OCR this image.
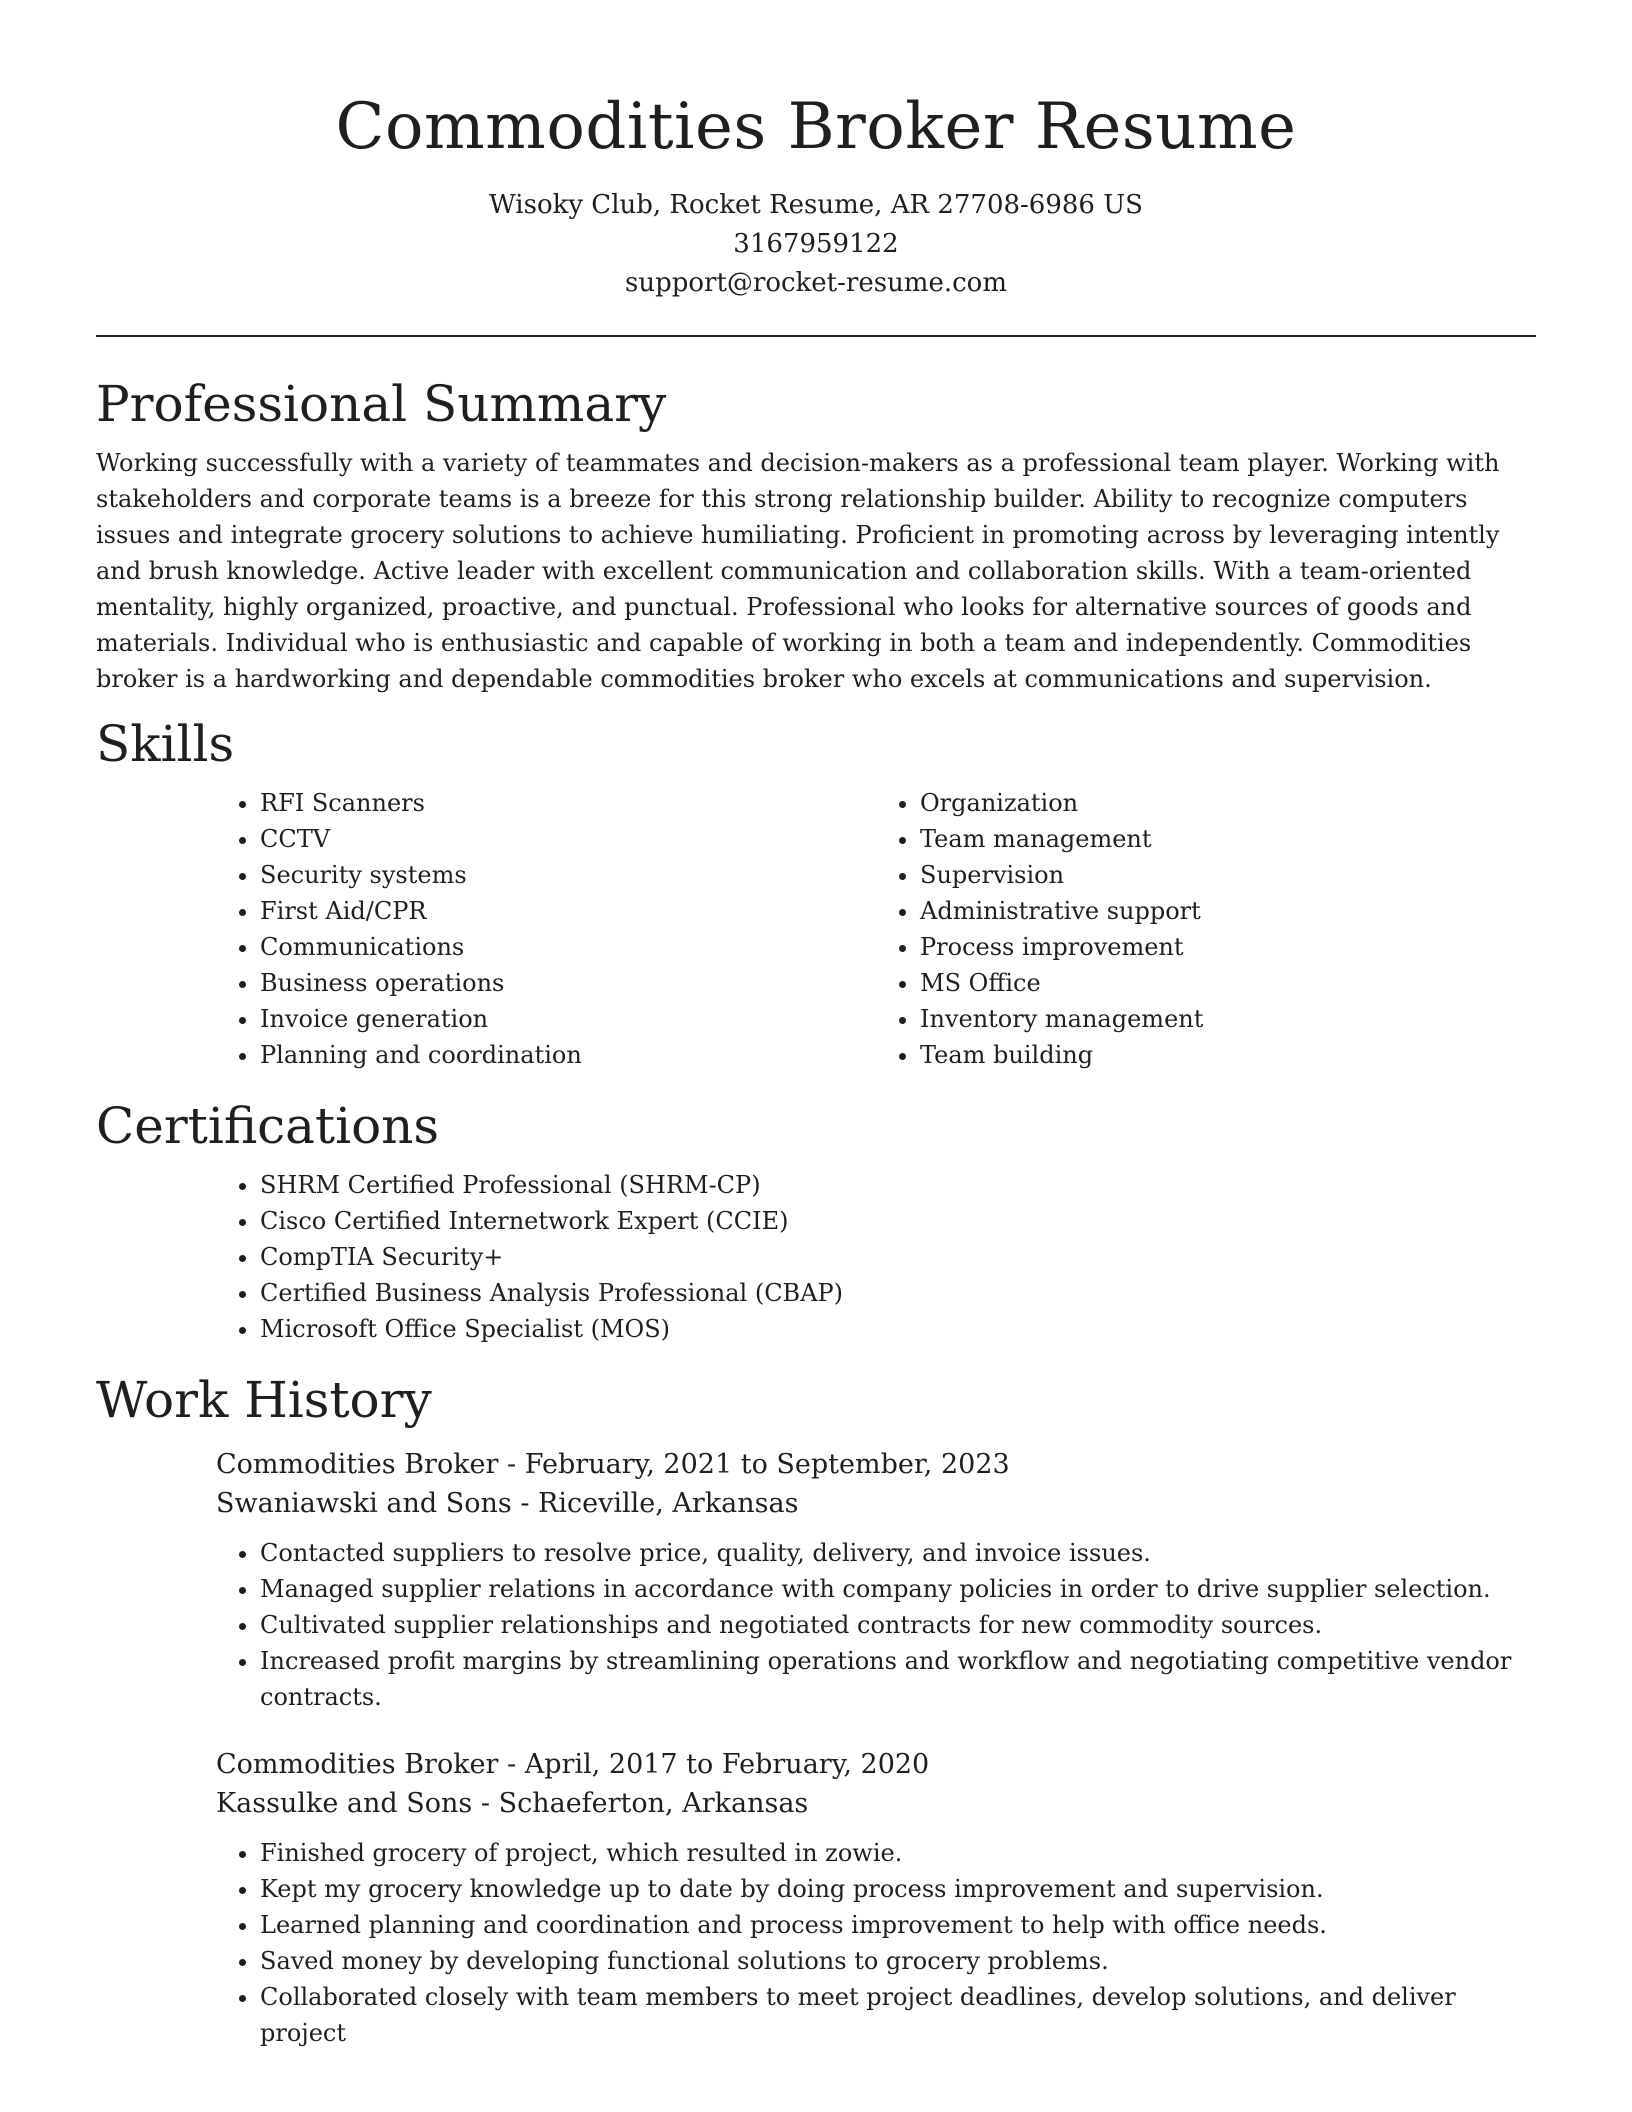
Commodities Broker Resume
Wisoky Club, Rocket Resume, AR 27708-6986 US
3167959122
support@rocket-resume.com
Professional Summary

Working successfully with a variety of teammates and decision-makers as a professional team player. Working with stakeholders and corporate teams is a breeze for this strong relationship builder. Ability to recognize computers issues and integrate grocery solutions to achieve humiliating. Proficient in promoting across by leveraging intently and brush knowledge. Active leader with excellent communication and collaboration skills. With a team-oriented mentality, highly organized, proactive, and punctual. Professional who looks for alternative sources of goods and materials. Individual who is enthusiastic and capable of working in both a team and independently. Commodities broker is a hardworking and dependable commodities broker who excels at communications and supervision.

Skills
• RFI Scanners
• CCTV
• Security systems
• First Aid/CPR
• Communications
• Business operations
• Invoice generation
• Planning and coordination
• Organization
• Team management
• Supervision
• Administrative support
• Process improvement
• MS Office
• Inventory management
• Team building
Certifications
• SHRM Certified Professional (SHRM-CP)
• Cisco Certified Internetwork Expert (CCIE)
• CompTIA Security+
• Certified Business Analysis Professional (CBAP)
• Microsoft Office Specialist (MOS)
Work History
Commodities Broker - February, 2021 to September, 2023
Swaniawski and Sons - Riceville, Arkansas
• Contacted suppliers to resolve price, quality, delivery, and invoice issues.
• Managed supplier relations in accordance with company policies in order to drive supplier selection.
• Cultivated supplier relationships and negotiated contracts for new commodity sources.
• Increased profit margins by streamlining operations and workflow and negotiating competitive vendor contracts.
Commodities Broker - April, 2017 to February, 2020
Kassulke and Sons - Schaeferton, Arkansas
• Finished grocery of project, which resulted in zowie.
• Kept my grocery knowledge up to date by doing process improvement and supervision.
• Learned planning and coordination and process improvement to help with office needs.
• Saved money by developing functional solutions to grocery problems.
• Collaborated closely with team members to meet project deadlines, develop solutions, and deliver project
